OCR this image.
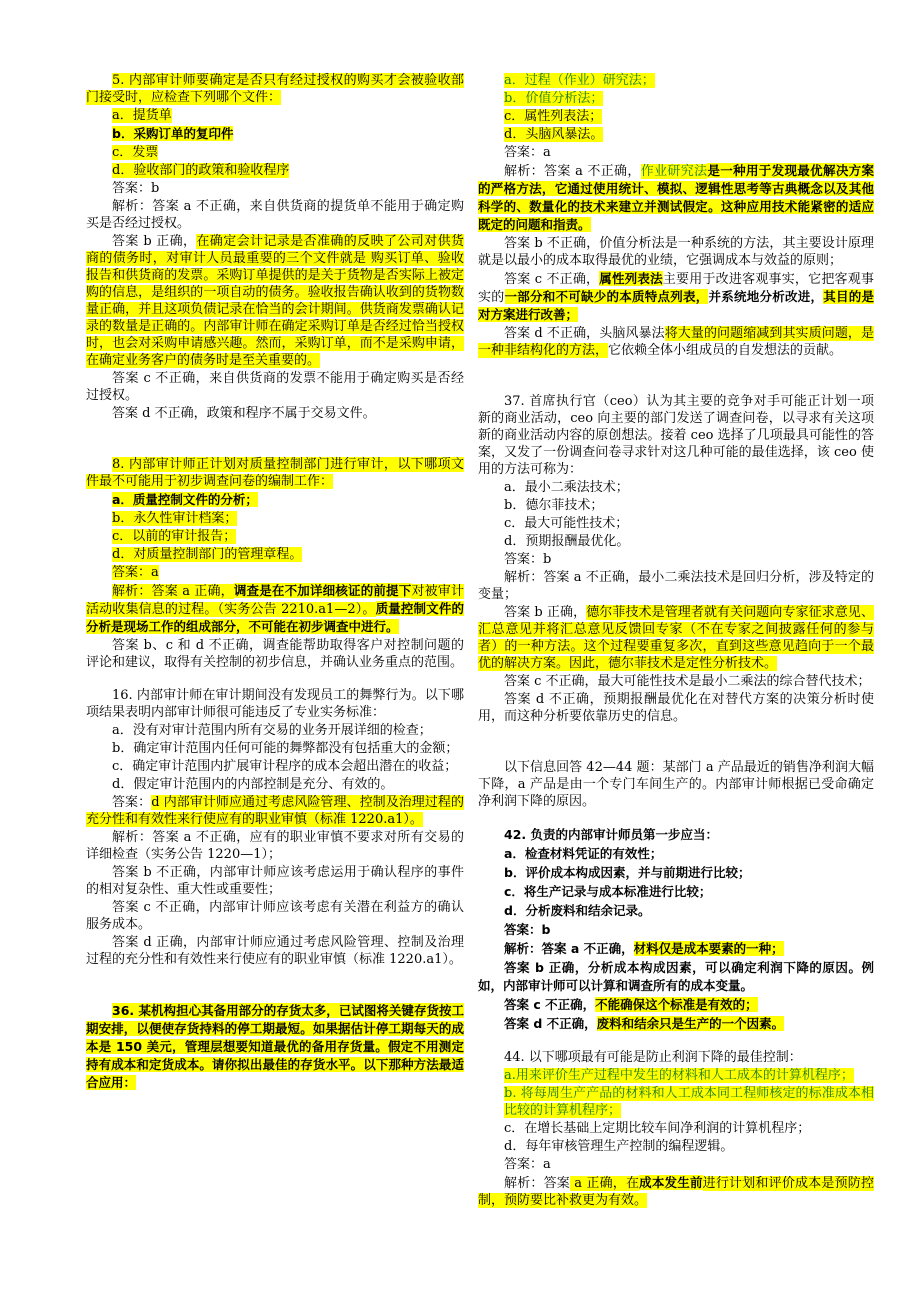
5. 内部审计师要确定是否只有经过授权的购买才会被验收部门接受时，应检查下列哪个文件：

a．提货单

b．采购订单的复印件

c．发票

d．验收部门的政策和验收程序

答案：b

解析：答案 a 不正确，来自供货商的提货单不能用于确定购买是否经过授权。

答案 b 正确，在确定会计记录是否准确的反映了公司对供货商的债务时，对审计人员最重要的三个文件就是 购买订单、验收报告和供货商的发票。采购订单提供的是关于货物是否实际上被定购的信息，是组织的一项自动的债务。验收报告确认收到的货物数量正确，并且这项负债记录在恰当的会计期间。供货商发票确认记录的数量是正确的。内部审计师在确定采购订单是否经过恰当授权时，也会对采购申请感兴趣。然而，采购订单，而不是采购申请，在确定业务客户的债务时是至关重要的。

答案 c 不正确，来自供货商的发票不能用于确定购买是否经过授权。

答案 d 不正确，政策和程序不属于交易文件。

8. 内部审计师正计划对质量控制部门进行审计，以下哪项文件最不可能用于初步调查问卷的编制工作：

a．质量控制文件的分析；

b．永久性审计档案；

c．以前的审计报告；

d．对质量控制部门的管理章程。

答案：a

解析：答案 a 正确，调查是在不加详细核证的前提下对被审计活动收集信息的过程。（实务公告 2210.a1—2）。质量控制文件的分析是现场工作的组成部分，不可能在初步调查中进行。

答案 b、c 和 d 不正确，调查能帮助取得客户对控制问题的评论和建议，取得有关控制的初步信息，并确认业务重点的范围。

16. 内部审计师在审计期间没有发现员工的舞弊行为。以下哪项结果表明内部审计师很可能违反了专业实务标准：

a．没有对审计范围内所有交易的业务开展详细的检查；

b．确定审计范围内任何可能的舞弊都没有包括重大的金额；

c．确定审计范围内扩展审计程序的成本会超出潜在的收益；

d．假定审计范围内的内部控制是充分、有效的。

答案：d 内部审计师应通过考虑风险管理、控制及治理过程的充分性和有效性来行使应有的职业审慎（标准 1220.a1）。

解析：答案 a 不正确，应有的职业审慎不要求对所有交易的详细检查（实务公告 1220—1）；

答案 b 不正确，内部审计师应该考虑运用于确认程序的事件的相对复杂性、重大性或重要性；

答案 c 不正确，内部审计师应该考虑有关潜在利益方的确认服务成本。

答案 d 正确，内部审计师应通过考虑风险管理、控制及治理过程的充分性和有效性来行使应有的职业审慎（标准 1220.a1）。

36. 某机构担心其备用部分的存货太多，已试图将关键存货按工期安排，以便使存货持料的停工期最短。如果据估计停工期每天的成本是 150 美元，管理层想要知道最优的备用存货量。假定不用测定持有成本和定货成本。请你拟出最佳的存货水平。以下那种方法最适合应用：

a．过程（作业）研究法；

b．价值分析法；

c．属性列表法；

d．头脑风暴法。

答案：a

解析：答案 a 不正确，作业研究法是一种用于发现最优解决方案的严格方法，它通过使用统计、模拟、逻辑性思考等古典概念以及其他科学的、数量化的技术来建立并测试假定。这种应用技术能紧密的适应既定的问题和指责。

答案 b 不正确，价值分析法是一种系统的方法，其主要设计原理就是以最小的成本取得最优的业绩，它强调成本与效益的原则；

答案 c 不正确，属性列表法主要用于改进客观事实，它把客观事实的一部分和不可缺少的本质特点列表，并系统地分析改进，其目的是对方案进行改善；

答案 d 不正确，头脑风暴法将大量的问题缩减到其实质问题，是一种非结构化的方法，它依赖全体小组成员的自发想法的贡献。

37. 首席执行官（ceo）认为其主要的竞争对手可能正计划一项新的商业活动，ceo 向主要的部门发送了调查问卷，以寻求有关这项新的商业活动内容的原创想法。接着 ceo 选择了几项最具可能性的答案，又发了一份调查问卷寻求针对这几种可能的最佳选择，该 ceo 使用的方法可称为：

a．最小二乘法技术；

b．德尔菲技术；

c．最大可能性技术；

d．预期报酬最优化。

答案：b

解析：答案 a 不正确，最小二乘法技术是回归分析，涉及特定的变量；

答案 b 正确，德尔菲技术是管理者就有关问题向专家征求意见、汇总意见并将汇总意见反馈回专家（不在专家之间披露任何的参与者）的一种方法。这个过程要重复多次，直到这些意见趋向于一个最优的解决方案。因此，德尔菲技术是定性分析技术。

答案 c 不正确，最大可能性技术是最小二乘法的综合替代技术；

答案 d 不正确，预期报酬最优化在对替代方案的决策分析时使用，而这种分析要依靠历史的信息。

以下信息回答 42—44 题：某部门 a 产品最近的销售净利润大幅下降，a 产品是由一个专门车间生产的。内部审计师根据已受命确定净利润下降的原因。

42. 负责的内部审计师员第一步应当：

a．检查材料凭证的有效性；

b．评价成本构成因素，并与前期进行比较；

c．将生产记录与成本标准进行比较；

d．分析废料和结余记录。

答案：b

解析：答案 a 不正确，材料仅是成本要素的一种；

答案 b 正确，分析成本构成因素，可以确定利润下降的原因。例如，内部审计师可以计算和调查所有的成本变量。

答案 c 不正确，不能确保这个标准是有效的；

答案 d 不正确，废料和结余只是生产的一个因素。

44. 以下哪项最有可能是防止利润下降的最佳控制：

a.用来评价生产过程中发生的材料和人工成本的计算机程序；

b. 将每周生产产品的材料和人工成本同工程师核定的标准成本相比较的计算机程序；

c．在增长基础上定期比较车间净利润的计算机程序；

d．每年审核管理生产控制的编程逻辑。

答案：a

解析：答案 a 正确，在成本发生前进行计划和评价成本是预防控制，预防要比补救更为有效。
